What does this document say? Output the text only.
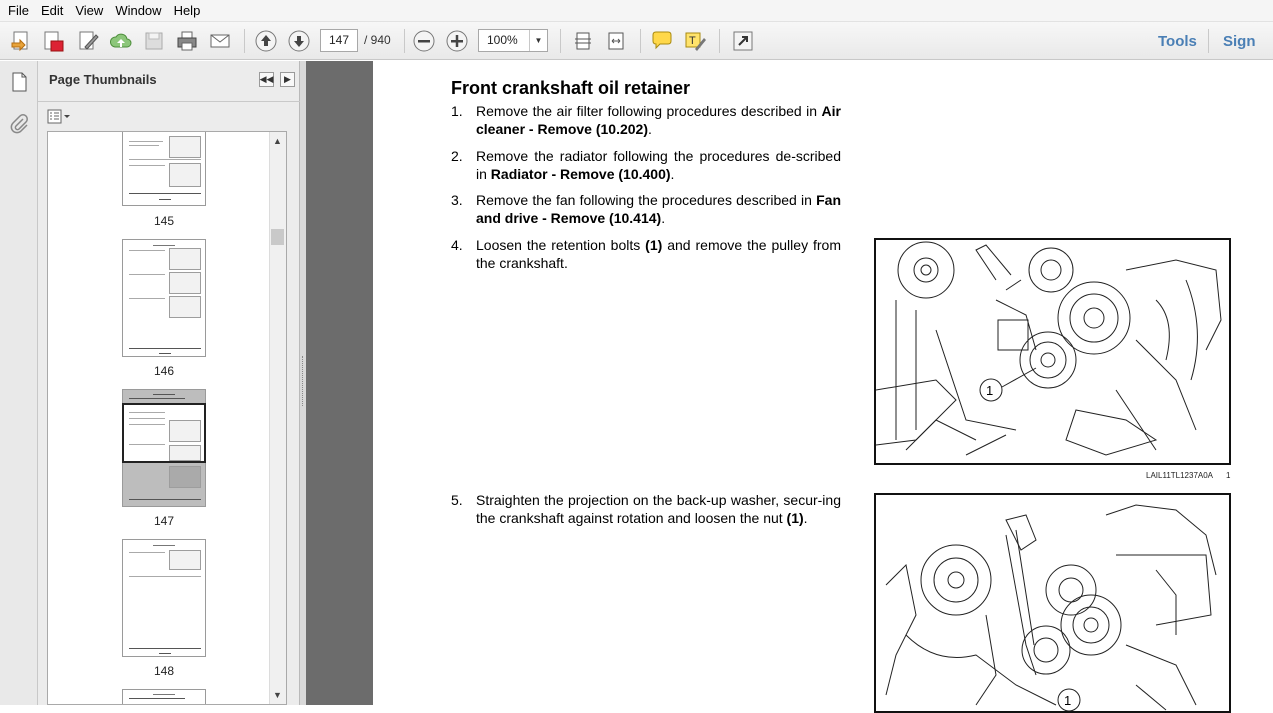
File Edit View Window Help
147	/ 940	100%	▼	T	Tools Sign
Page Thumbnails	◀◀	▶
145
146
147
148
▲
▼
Front crankshaft oil retainer
1. Remove the air filter following procedures described in Air cleaner - Remove (10.202).
2. Remove the radiator following the procedures de-scribed in Radiator - Remove (10.400).
3. Remove the fan following the procedures described in Fan and drive - Remove (10.414).
4. Loosen the retention bolts (1) and remove the pulley from the crankshaft.
5. Straighten the projection on the back-up washer, secur-ing the crankshaft against rotation and loosen the nut (1).
1
LAIL11TL1237A0A 1
1
